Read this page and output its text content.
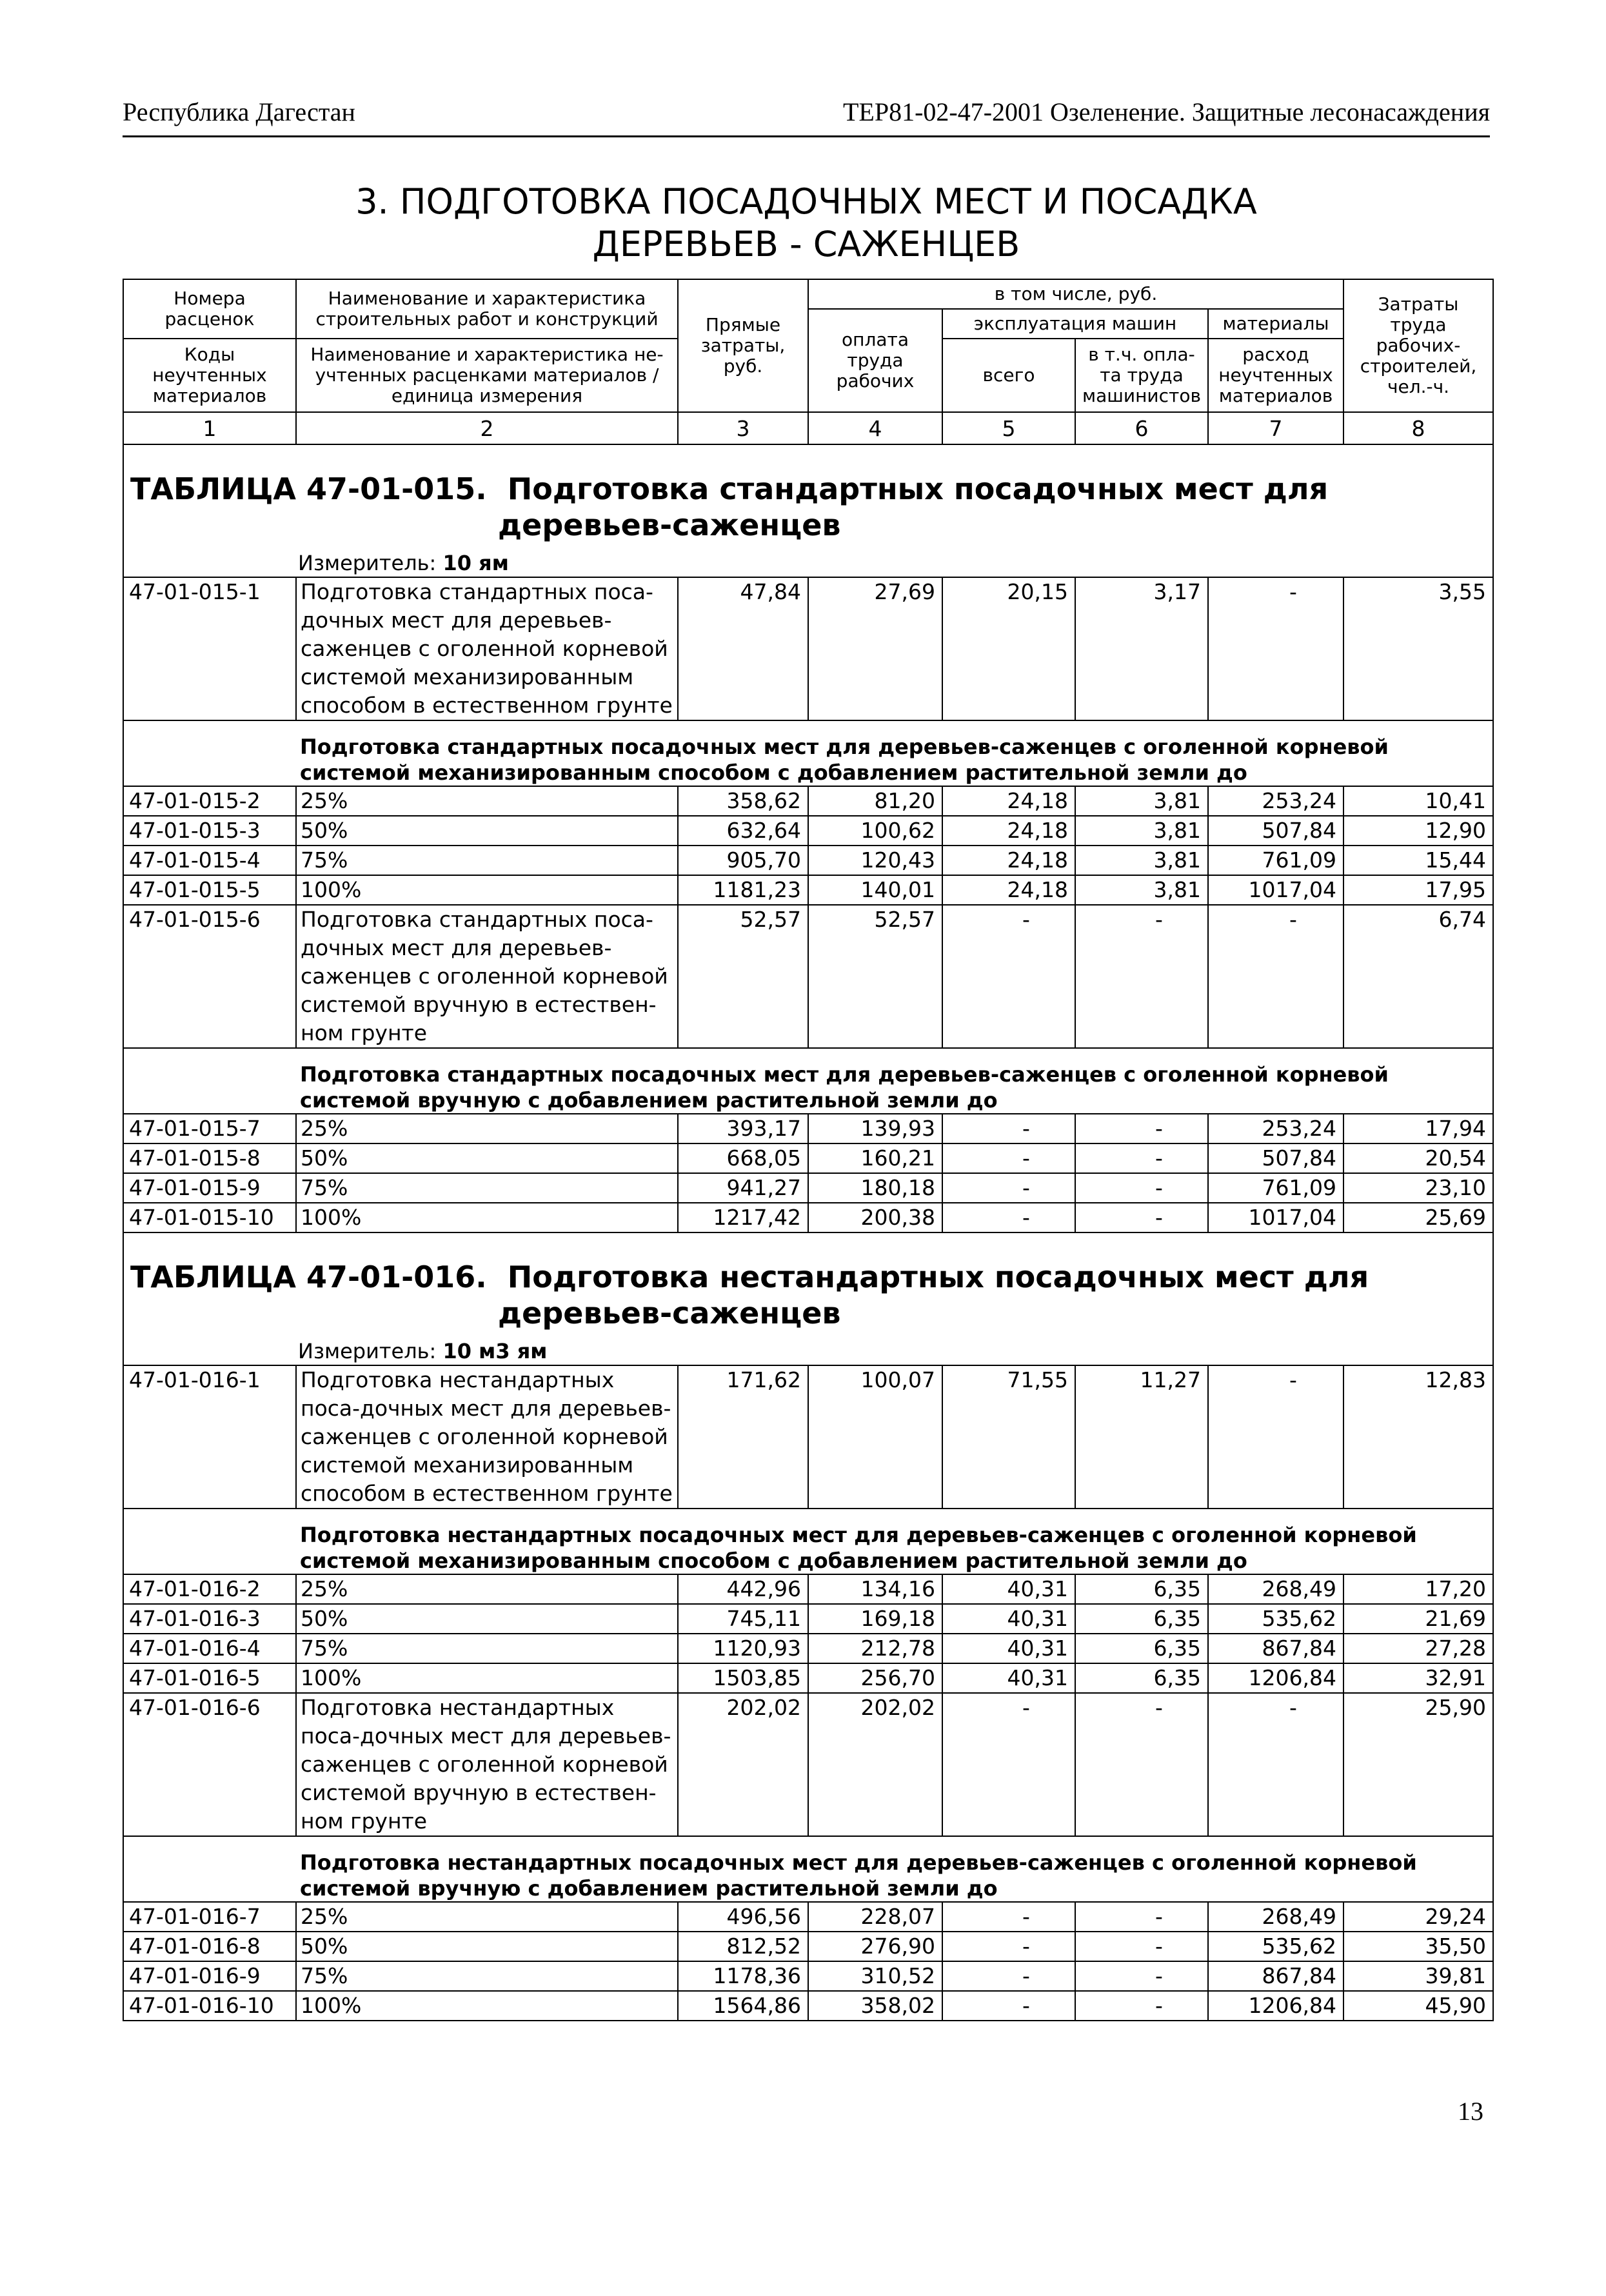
Республика Дагестан	ТЕР81-02-47-2001 Озеленение. Защитные лесонасаждения
3. ПОДГОТОВКА ПОСАДОЧНЫХ МЕСТ И ПОСАДКА
ДЕРЕВЬЕВ - САЖЕНЦЕВ
Номера расценок	Наименование и характеристика строительных работ и конструкций	Прямые затраты, руб.	в том числе, руб.				Затраты труда рабочих-строителей, чел.-ч.
			оплата труда рабочих	эксплуатация машин		материалы	
Коды неучтенных материалов	Наименование и характеристика не-учтенных расценками материалов / единица измерения			всего	в т.ч. опла-та труда машинистов	расход неучтенных материалов	

1	2	3	4	5	6	7	8

ТАБЛИЦА 47-01-015. Подготовка стандартных посадочных мест для
деревьев-саженцев
Измеритель: 10 ям							

47-01-015-1	Подготовка стандартных поса-дочных мест для деревьев-саженцев с оголенной корневой системой механизированным способом в естественном грунте	47,84	27,69	20,15	3,17	-	3,55
	Подготовка стандартных посадочных мест для деревьев-саженцев с оголенной корневой системой механизированным способом с добавлением растительной земли до						
47-01-015-2	25%	358,62	81,20	24,18	3,81	253,24	10,41
47-01-015-3	50%	632,64	100,62	24,18	3,81	507,84	12,90
47-01-015-4	75%	905,70	120,43	24,18	3,81	761,09	15,44
47-01-015-5	100%	1181,23	140,01	24,18	3,81	1017,04	17,95
47-01-015-6	Подготовка стандартных поса-дочных мест для деревьев-саженцев с оголенной корневой системой вручную в естествен-ном грунте	52,57	52,57	-	-	-	6,74
	Подготовка стандартных посадочных мест для деревьев-саженцев с оголенной корневой системой вручную с добавлением растительной земли до						
47-01-015-7	25%	393,17	139,93	-	-	253,24	17,94
47-01-015-8	50%	668,05	160,21	-	-	507,84	20,54
47-01-015-9	75%	941,27	180,18	-	-	761,09	23,10
47-01-015-10	100%	1217,42	200,38	-	-	1017,04	25,69

ТАБЛИЦА 47-01-016. Подготовка нестандартных посадочных мест для
деревьев-саженцев
Измеритель: 10 м3 ям							

47-01-016-1	Подготовка нестандартных поса-дочных мест для деревьев-саженцев с оголенной корневой системой механизированным способом в естественном грунте	171,62	100,07	71,55	11,27	-	12,83
	Подготовка нестандартных посадочных мест для деревьев-саженцев с оголенной корневой системой механизированным способом с добавлением растительной земли до						
47-01-016-2	25%	442,96	134,16	40,31	6,35	268,49	17,20
47-01-016-3	50%	745,11	169,18	40,31	6,35	535,62	21,69
47-01-016-4	75%	1120,93	212,78	40,31	6,35	867,84	27,28
47-01-016-5	100%	1503,85	256,70	40,31	6,35	1206,84	32,91
47-01-016-6	Подготовка нестандартных поса-дочных мест для деревьев-саженцев с оголенной корневой системой вручную в естествен-ном грунте	202,02	202,02	-	-	-	25,90
	Подготовка нестандартных посадочных мест для деревьев-саженцев с оголенной корневой системой вручную с добавлением растительной земли до						
47-01-016-7	25%	496,56	228,07	-	-	268,49	29,24
47-01-016-8	50%	812,52	276,90	-	-	535,62	35,50
47-01-016-9	75%	1178,36	310,52	-	-	867,84	39,81
47-01-016-10	100%	1564,86	358,02	-	-	1206,84	45,90
13
